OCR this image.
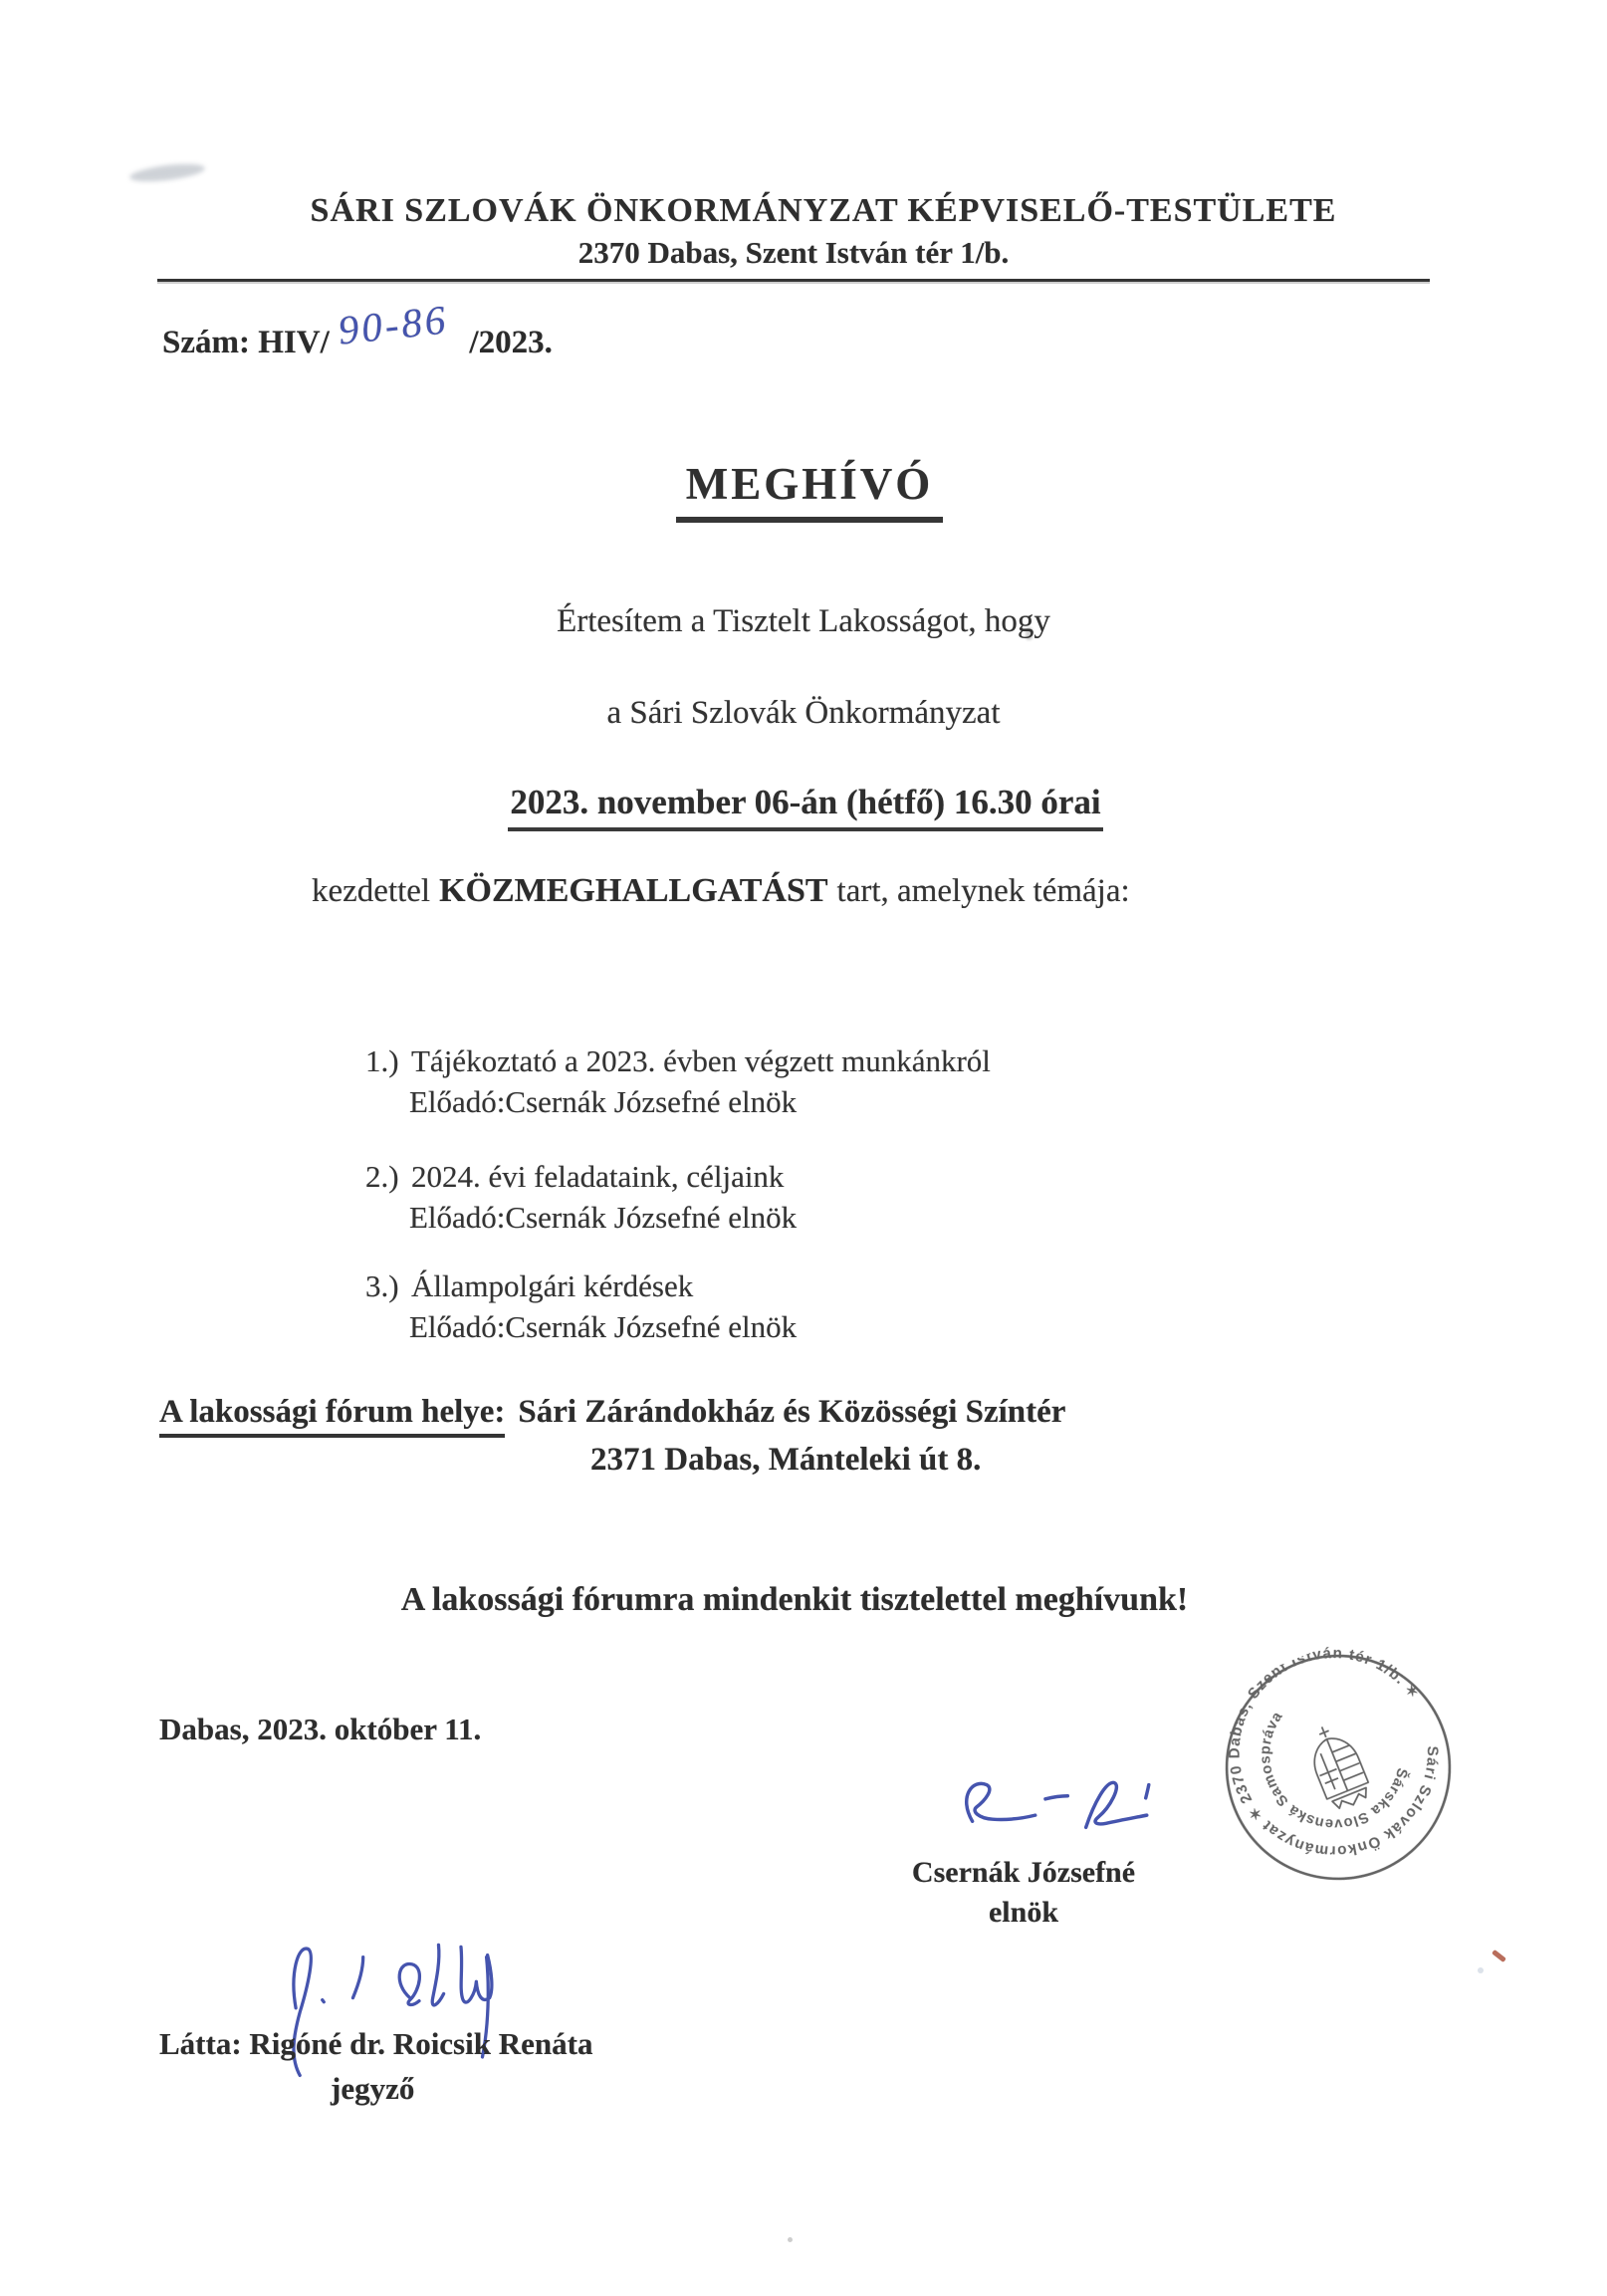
SÁRI SZLOVÁK ÖNKORMÁNYZAT KÉPVISELŐ-TESTÜLETE
2370 Dabas, Szent István tér 1/b.
Szám: HIV/ 90-86 /2023.
MEGHÍVÓ
Értesítem a Tisztelt Lakosságot, hogy
a Sári Szlovák Önkormányzat
2023. november 06-án (hétfő) 16.30 órai
kezdettel KÖZMEGHALLGATÁST tart, amelynek témája:
1.) Tájékoztató a 2023. évben végzett munkánkról
Előadó:Csernák Józsefné elnök
2.) 2024. évi feladataink, céljaink
Előadó:Csernák Józsefné elnök
3.) Állampolgári kérdések
Előadó:Csernák Józsefné elnök
A lakossági fórum helye: Sári Zárándokház és Közösségi Színtér
2371 Dabas, Mánteleki út 8.
A lakossági fórumra mindenkit tisztelettel meghívunk!
Dabas, 2023. október 11.
Sári Szlovák Önkormányzat ✶ 2370 Dabas, Szent István tér 1/b. ✶
Šárska Slovenská Samospráva
Csernák Józsefné
elnök
Látta: Rigóné dr. Roicsik Renáta
jegyző
